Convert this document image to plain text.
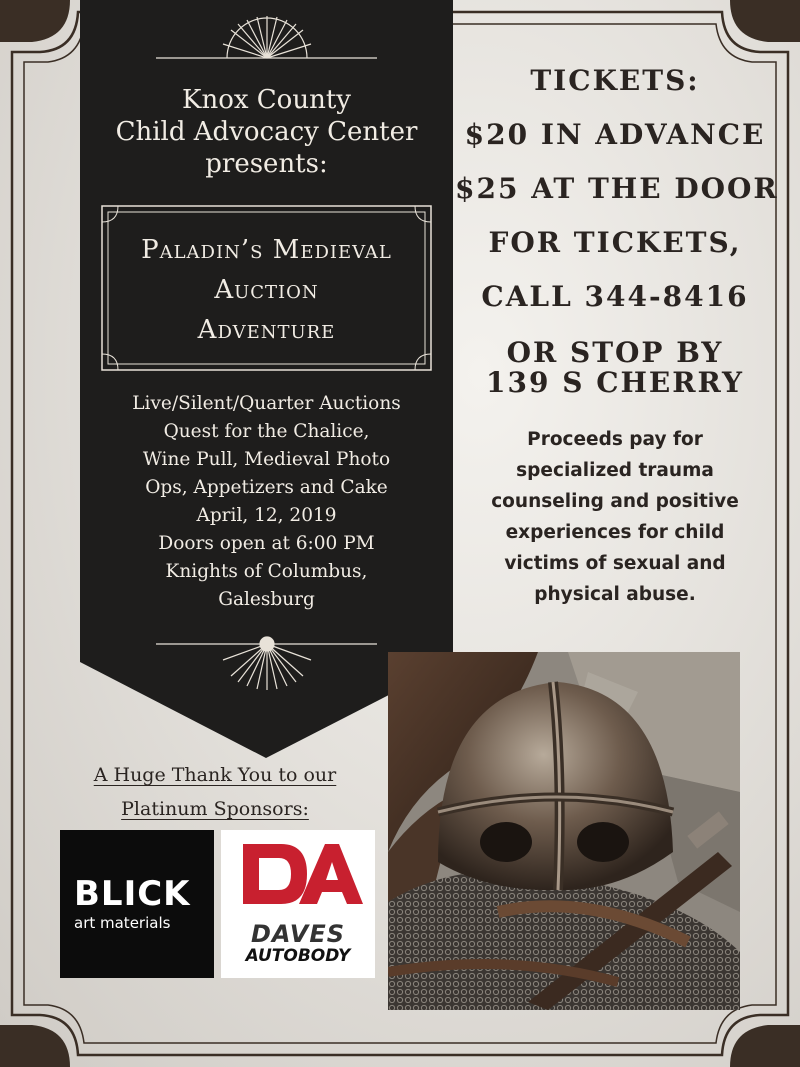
Knox County
Child Advocacy Center
presents:
Paladin’s Medieval
Auction
Adventure
Live/Silent/Quarter Auctions
Quest for the Chalice,
Wine Pull, Medieval Photo
Ops, Appetizers and Cake
April, 12, 2019
Doors open at 6:00 PM
Knights of Columbus,
Galesburg
TICKETS:
$20 IN ADVANCE
$25 AT THE DOOR
FOR TICKETS,
CALL 344-8416
OR STOP BY
139 S CHERRY
Proceeds pay for
specialized trauma
counseling and positive
experiences for child
victims of sexual and
physical abuse.
A Huge Thank You to our
Platinum Sponsors:
BLICK
art materials	DAVES
AUTOBODY
